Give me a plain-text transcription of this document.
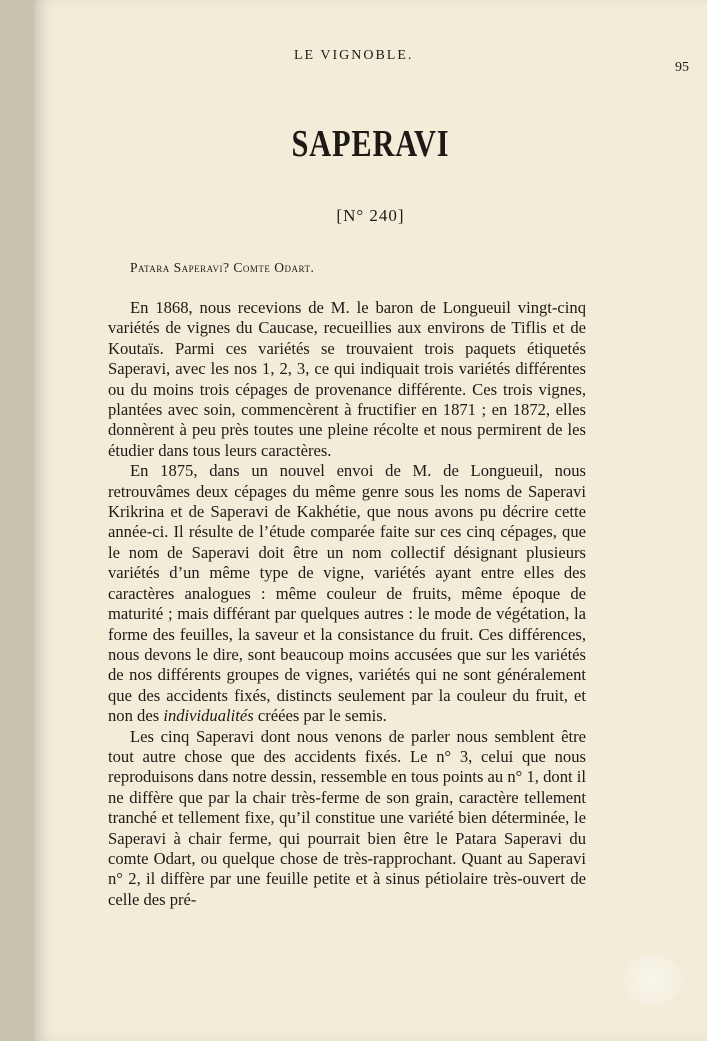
LE VIGNOBLE.
95
SAPERAVI
[N° 240]
Patara Saperavi? Comte Odart.

En 1868, nous recevions de M. le baron de Longueuil vingt-cinq variétés de vignes du Caucase, recueillies aux environs de Tiflis et de Koutaïs. Parmi ces variétés se trouvaient trois paquets étiquetés Saperavi, avec les nos 1, 2, 3, ce qui indiquait trois variétés différentes ou du moins trois cépages de provenance différente. Ces trois vignes, plantées avec soin, commencèrent à fructifier en 1871 ; en 1872, elles donnèrent à peu près toutes une pleine récolte et nous permirent de les étudier dans tous leurs caractères.

En 1875, dans un nouvel envoi de M. de Longueuil, nous retrouvâmes deux cépages du même genre sous les noms de Saperavi Krikrina et de Saperavi de Kakhétie, que nous avons pu décrire cette année-ci. Il résulte de l’étude comparée faite sur ces cinq cépages, que le nom de Saperavi doit être un nom collectif désignant plusieurs variétés d’un même type de vigne, variétés ayant entre elles des caractères analogues : même couleur de fruits, même époque de maturité ; mais différant par quelques autres : le mode de végétation, la forme des feuilles, la saveur et la consistance du fruit. Ces différences, nous devons le dire, sont beaucoup moins accusées que sur les variétés de nos différents groupes de vignes, variétés qui ne sont généralement que des accidents fixés, distincts seulement par la couleur du fruit, et non des individualités créées par le semis.

Les cinq Saperavi dont nous venons de parler nous semblent être tout autre chose que des accidents fixés. Le n° 3, celui que nous reproduisons dans notre dessin, ressemble en tous points au n° 1, dont il ne diffère que par la chair très-ferme de son grain, caractère tellement tranché et tellement fixe, qu’il constitue une variété bien déterminée, le Saperavi à chair ferme, qui pourrait bien être le Patara Saperavi du comte Odart, ou quelque chose de très-rapprochant. Quant au Saperavi n° 2, il diffère par une feuille petite et à sinus pétiolaire très-ouvert de celle des pré-
